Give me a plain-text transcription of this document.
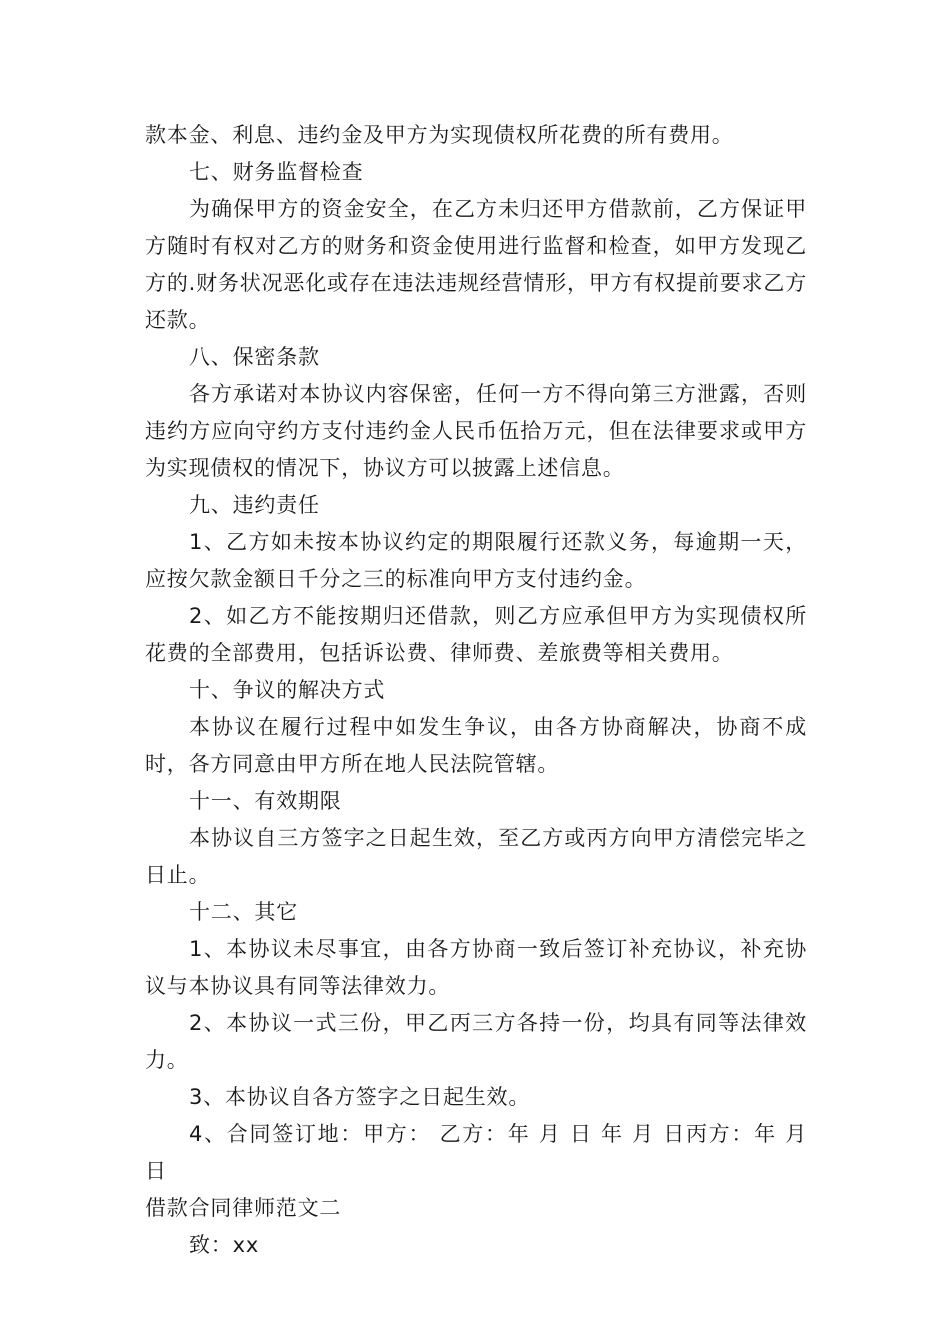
款本金、利息、违约金及甲方为实现债权所花费的所有费用。

七、财务监督检查

为确保甲方的资金安全，在乙方未归还甲方借款前，乙方保证甲方随时有权对乙方的财务和资金使用进行监督和检查，如甲方发现乙方的.财务状况恶化或存在违法违规经营情形，甲方有权提前要求乙方还款。

八、保密条款

各方承诺对本协议内容保密，任何一方不得向第三方泄露，否则违约方应向守约方支付违约金人民币伍拾万元，但在法律要求或甲方为实现债权的情况下，协议方可以披露上述信息。

九、违约责任

1、乙方如未按本协议约定的期限履行还款义务，每逾期一天，应按欠款金额日千分之三的标准向甲方支付违约金。

2、如乙方不能按期归还借款，则乙方应承但甲方为实现债权所花费的全部费用，包括诉讼费、律师费、差旅费等相关费用。

十、争议的解决方式

本协议在履行过程中如发生争议，由各方协商解决，协商不成时，各方同意由甲方所在地人民法院管辖。

十一、有效期限

本协议自三方签字之日起生效，至乙方或丙方向甲方清偿完毕之日止。

十二、其它

1、本协议未尽事宜，由各方协商一致后签订补充协议，补充协议与本协议具有同等法律效力。

2、本协议一式三份，甲乙丙三方各持一份，均具有同等法律效力。

3、本协议自各方签字之日起生效。

4、合同签订地：甲方： 乙方：年 月 日 年 月 日丙方：年 月 日

借款合同律师范文二

致：xx
